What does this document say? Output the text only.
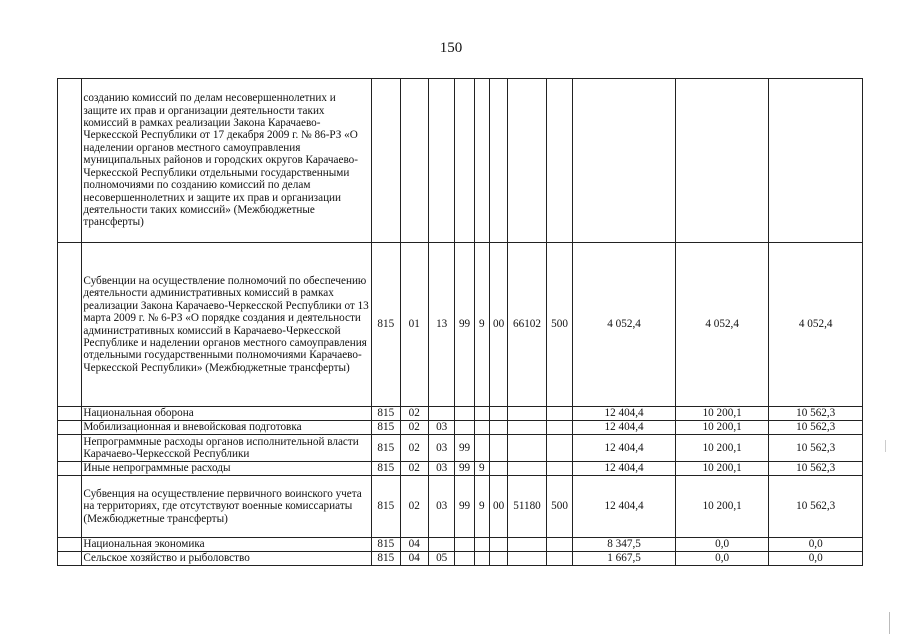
150
	созданию комиссий по делам несовершеннолетних и защите их прав и организации деятельности таких комиссий в рамках реализации Закона Карачаево-Черкесской Республики от 17 декабря 2009 г. № 86-РЗ «О наделении органов местного самоуправления муниципальных районов и городских округов Карачаево-Черкесской Республики отдельными государственными полномочиями по созданию комиссий по делам несовершеннолетних и защите их прав и организации деятельности таких комиссий» (Межбюджетные трансферты)											
	Субвенции на осуществление полномочий по обеспечению деятельности административных комиссий в рамках реализации Закона Карачаево-Черкесской Республики от 13 марта 2009 г. № 6-РЗ «О порядке создания и деятельности административных комиссий в Карачаево-Черкесской Республике и наделении органов местного самоуправления отдельными государственными полномочиями Карачаево-Черкесской Республики» (Межбюджетные трансферты)	815	01	13	99	9	00	66102	500	4 052,4	4 052,4	4 052,4
	Национальная оборона	815	02							12 404,4	10 200,1	10 562,3
	Мобилизационная и вневойсковая подготовка	815	02	03						12 404,4	10 200,1	10 562,3
	Непрограммные расходы органов исполнительной власти Карачаево-Черкесской Республики	815	02	03	99					12 404,4	10 200,1	10 562,3
	Иные непрограммные расходы	815	02	03	99	9				12 404,4	10 200,1	10 562,3
	Субвенция на осуществление первичного воинского учета на территориях, где отсутствуют военные комиссариаты (Межбюджетные трансферты)	815	02	03	99	9	00	51180	500	12 404,4	10 200,1	10 562,3
	Национальная экономика	815	04							8 347,5	0,0	0,0
	Сельское хозяйство и рыболовство	815	04	05						1 667,5	0,0	0,0
